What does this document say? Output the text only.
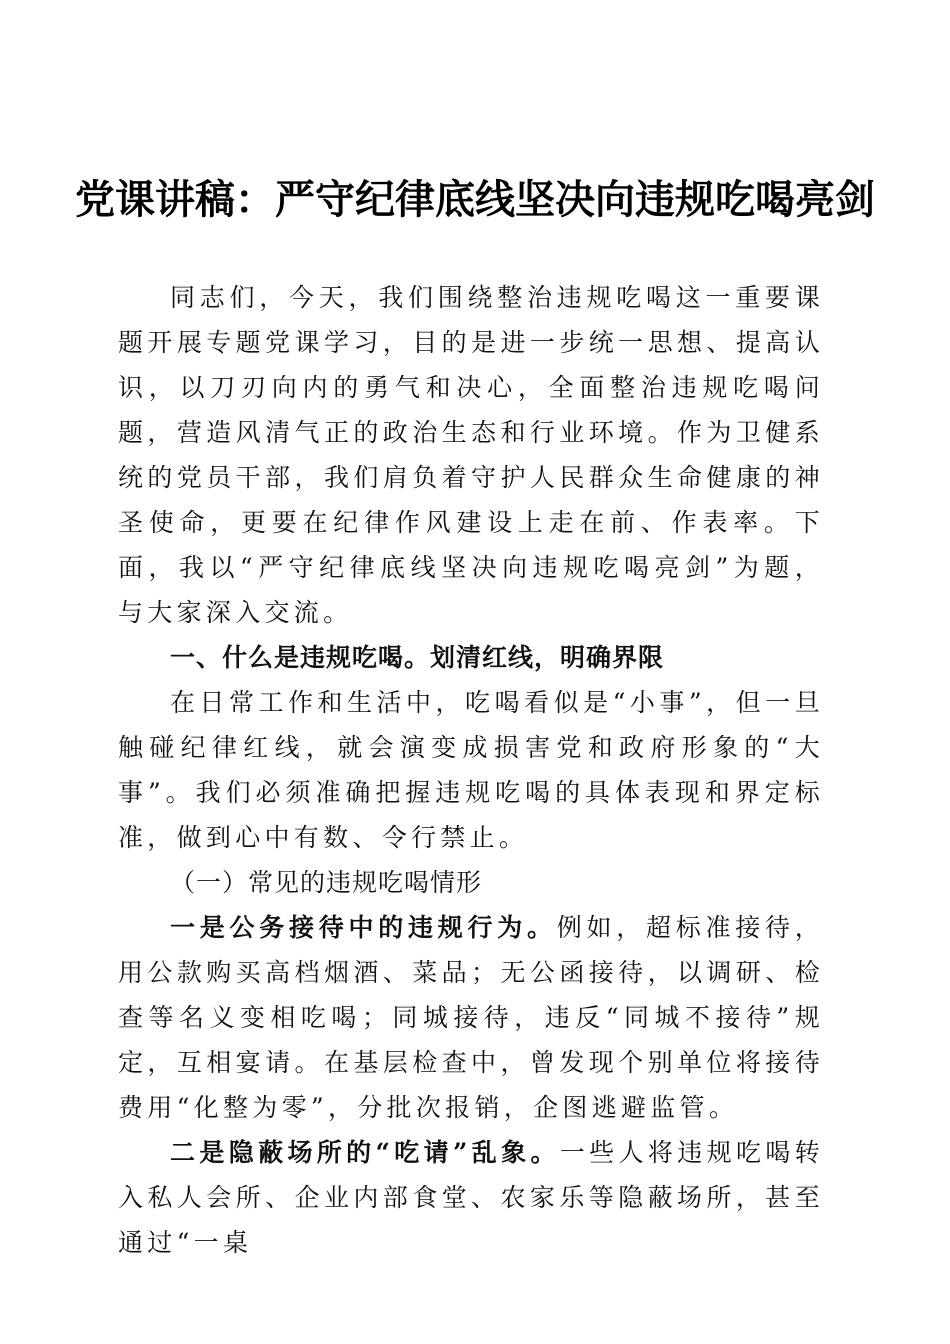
党课讲稿：严守纪律底线坚决向违规吃喝亮剑

同志们，今天，我们围绕整治违规吃喝这一重要课题开展专题党课学习，目的是进一步统一思想、提高认识，以刀刃向内的勇气和决心，全面整治违规吃喝问题，营造风清气正的政治生态和行业环境。作为卫健系统的党员干部，我们肩负着守护人民群众生命健康的神圣使命，更要在纪律作风建设上走在前、作表率。下面，我以“严守纪律底线坚决向违规吃喝亮剑”为题，与大家深入交流。

一、什么是违规吃喝。划清红线，明确界限

在日常工作和生活中，吃喝看似是“小事”，但一旦触碰纪律红线，就会演变成损害党和政府形象的“大事”。我们必须准确把握违规吃喝的具体表现和界定标准，做到心中有数、令行禁止。

（一）常见的违规吃喝情形

一是公务接待中的违规行为。例如，超标准接待，用公款购买高档烟酒、菜品；无公函接待，以调研、检查等名义变相吃喝；同城接待，违反“同城不接待”规定，互相宴请。在基层检查中，曾发现个别单位将接待费用“化整为零”，分批次报销，企图逃避监管。

二是隐蔽场所的“吃请”乱象。一些人将违规吃喝转入私人会所、企业内部食堂、农家乐等隐蔽场所，甚至通过“一桌
